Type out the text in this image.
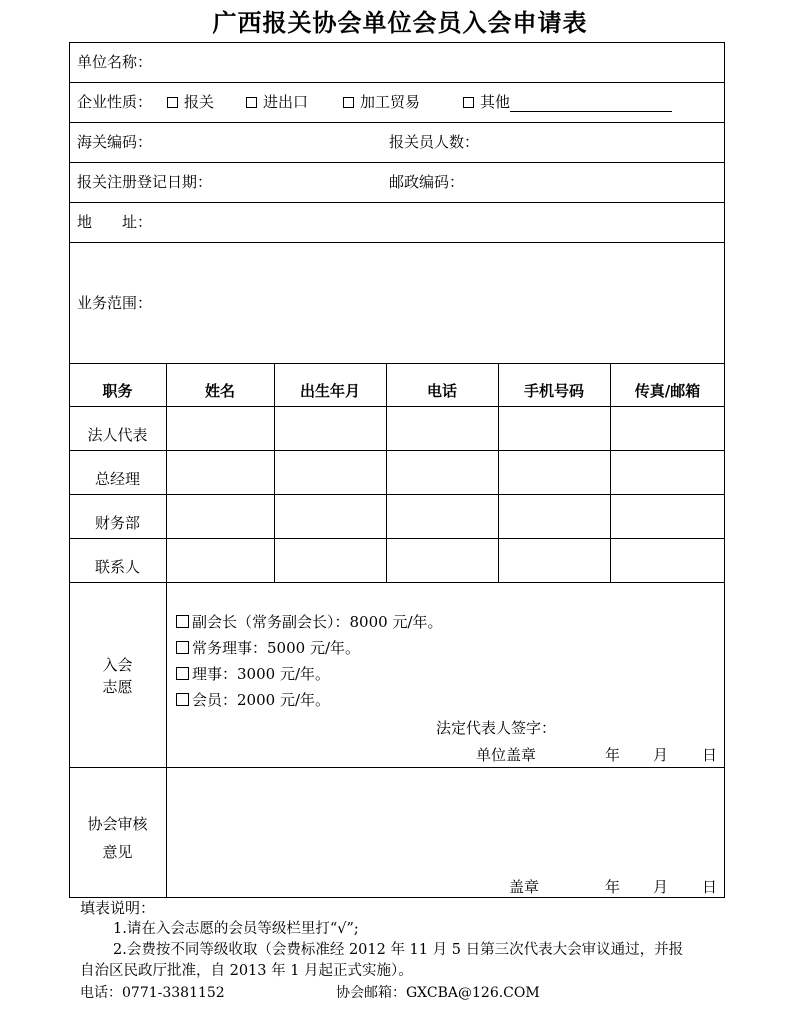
广西报关协会单位会员入会申请表
单位名称：
企业性质：	报关	进出口	加工贸易	其他
海关编码：	报关员人数：
报关注册登记日期：	邮政编码：
地　　址：
业务范围：
职务	姓名	出生年月	电话	手机号码	传真/邮箱
法人代表
总经理
财务部
联系人
入会
志愿
副会长（常务副会长）：8000 元/年。
常务理事：5000 元/年。
理事：3000 元/年。
会员：2000 元/年。
法定代表人签字：
单位盖章	年 月 日
协会审核
意见
盖章	年 月 日
填表说明：
1.请在入会志愿的会员等级栏里打“√”;
2.会费按不同等级收取（会费标准经 2012 年 11 月 5 日第三次代表大会审议通过，并报
自治区民政厅批准，自 2013 年 1 月起正式实施）。
电话：0771-3381152	协会邮箱：GXCBA@126.COM
